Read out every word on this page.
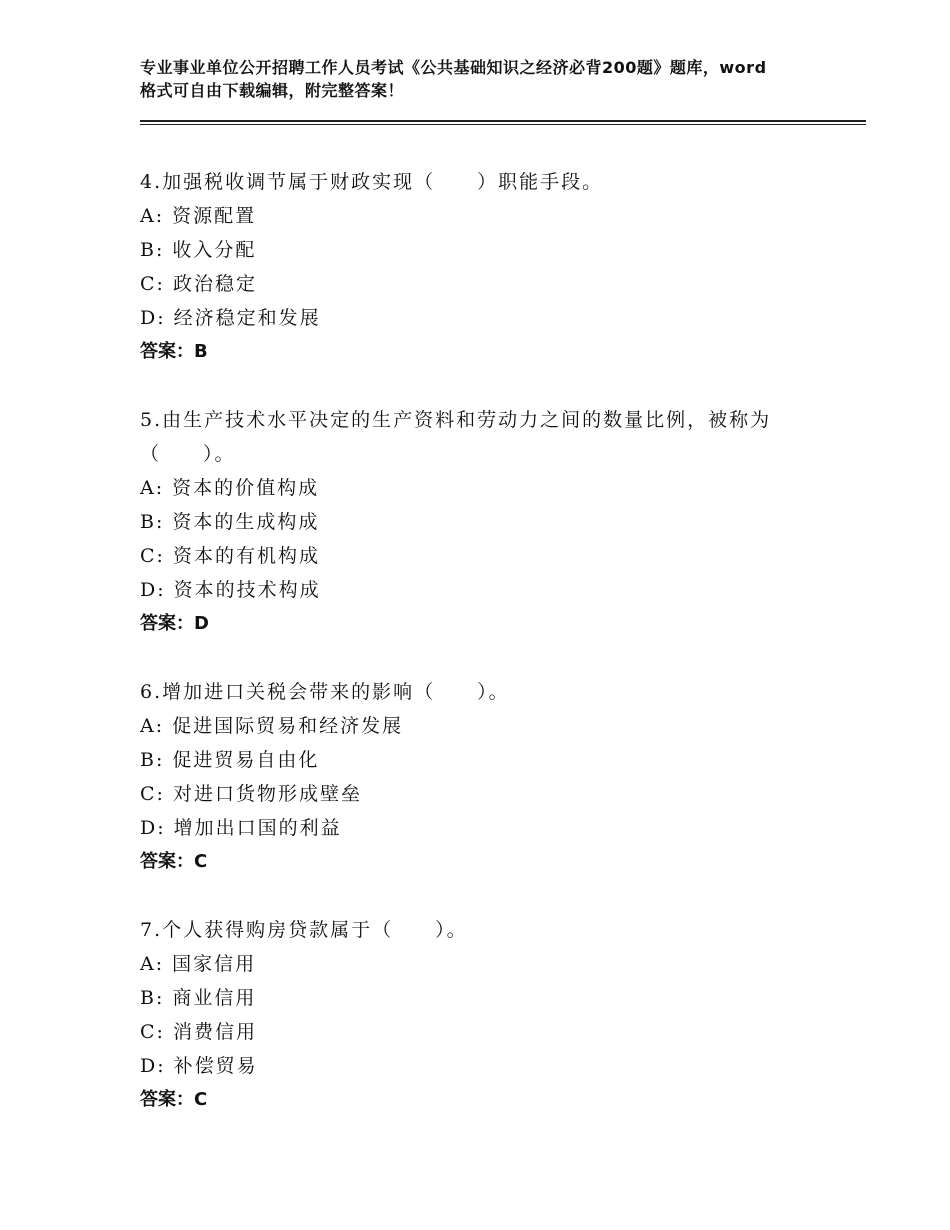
专业事业单位公开招聘工作人员考试《公共基础知识之经济必背200题》题库，word格式可自由下载编辑，附完整答案！
4.加强税收调节属于财政实现（　　）职能手段。
A: 资源配置
B: 收入分配
C: 政治稳定
D: 经济稳定和发展
答案：B
5.由生产技术水平决定的生产资料和劳动力之间的数量比例，被称为（　　）。
A: 资本的价值构成
B: 资本的生成构成
C: 资本的有机构成
D: 资本的技术构成
答案：D
6.增加进口关税会带来的影响（　　）。
A: 促进国际贸易和经济发展
B: 促进贸易自由化
C: 对进口货物形成壁垒
D: 增加出口国的利益
答案：C
7.个人获得购房贷款属于（　　）。
A: 国家信用
B: 商业信用
C: 消费信用
D: 补偿贸易
答案：C
